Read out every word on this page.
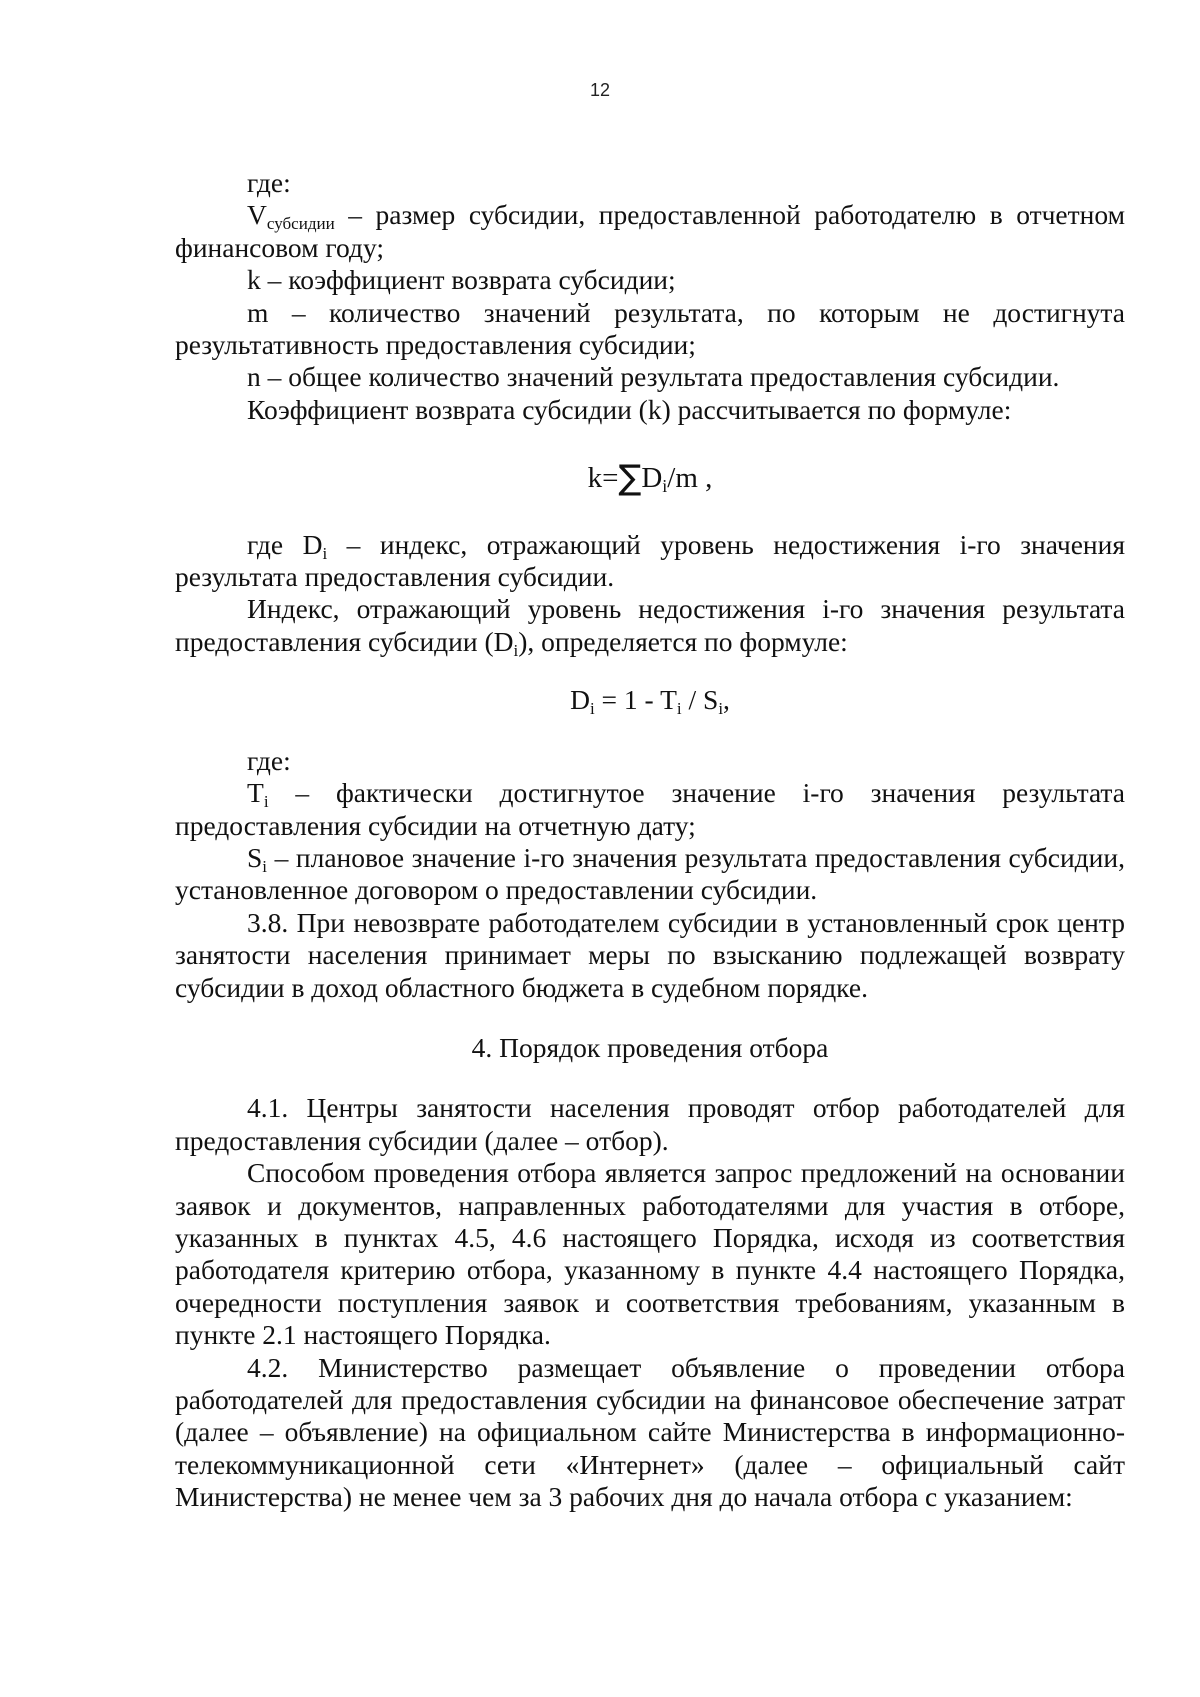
12

где:

$V_{субсидии}$ – размер субсидии, предоставленной работодателю в отчетном финансовом году;

k – коэффициент возврата субсидии;

m – количество значений результата, по которым не достигнута результативность предоставления субсидии;

n – общее количество значений результата предоставления субсидии.

Коэффициент возврата субсидии (k) рассчитывается по формуле:

$k=\sum D_i/m$ ,

где $D_i$ – индекс, отражающий уровень недостижения i-го значения результата предоставления субсидии.

Индекс, отражающий уровень недостижения i-го значения результата предоставления субсидии $(D_i)$, определяется по формуле:

$D_i = 1 - T_i / S_i$,

где:

$T_i$ – фактически достигнутое значение i-го значения результата предоставления субсидии на отчетную дату;

$S_i$ – плановое значение i-го значения результата предоставления субсидии, установленное договором о предоставлении субсидии.

3.8. При невозврате работодателем субсидии в установленный срок центр занятости населения принимает меры по взысканию подлежащей возврату субсидии в доход областного бюджета в судебном порядке.

4. Порядок проведения отбора

4.1. Центры занятости населения проводят отбор работодателей для предоставления субсидии (далее – отбор).

Способом проведения отбора является запрос предложений на основании заявок и документов, направленных работодателями для участия в отборе, указанных в пунктах 4.5, 4.6 настоящего Порядка, исходя из соответствия работодателя критерию отбора, указанному в пункте 4.4 настоящего Порядка, очередности поступления заявок и соответствия требованиям, указанным в пункте 2.1 настоящего Порядка.

4.2. Министерство размещает объявление о проведении отбора работодателей для предоставления субсидии на финансовое обеспечение затрат (далее – объявление) на официальном сайте Министерства в информационно-телекоммуникационной сети «Интернет» (далее – официальный сайт Министерства) не менее чем за 3 рабочих дня до начала отбора с указанием:
